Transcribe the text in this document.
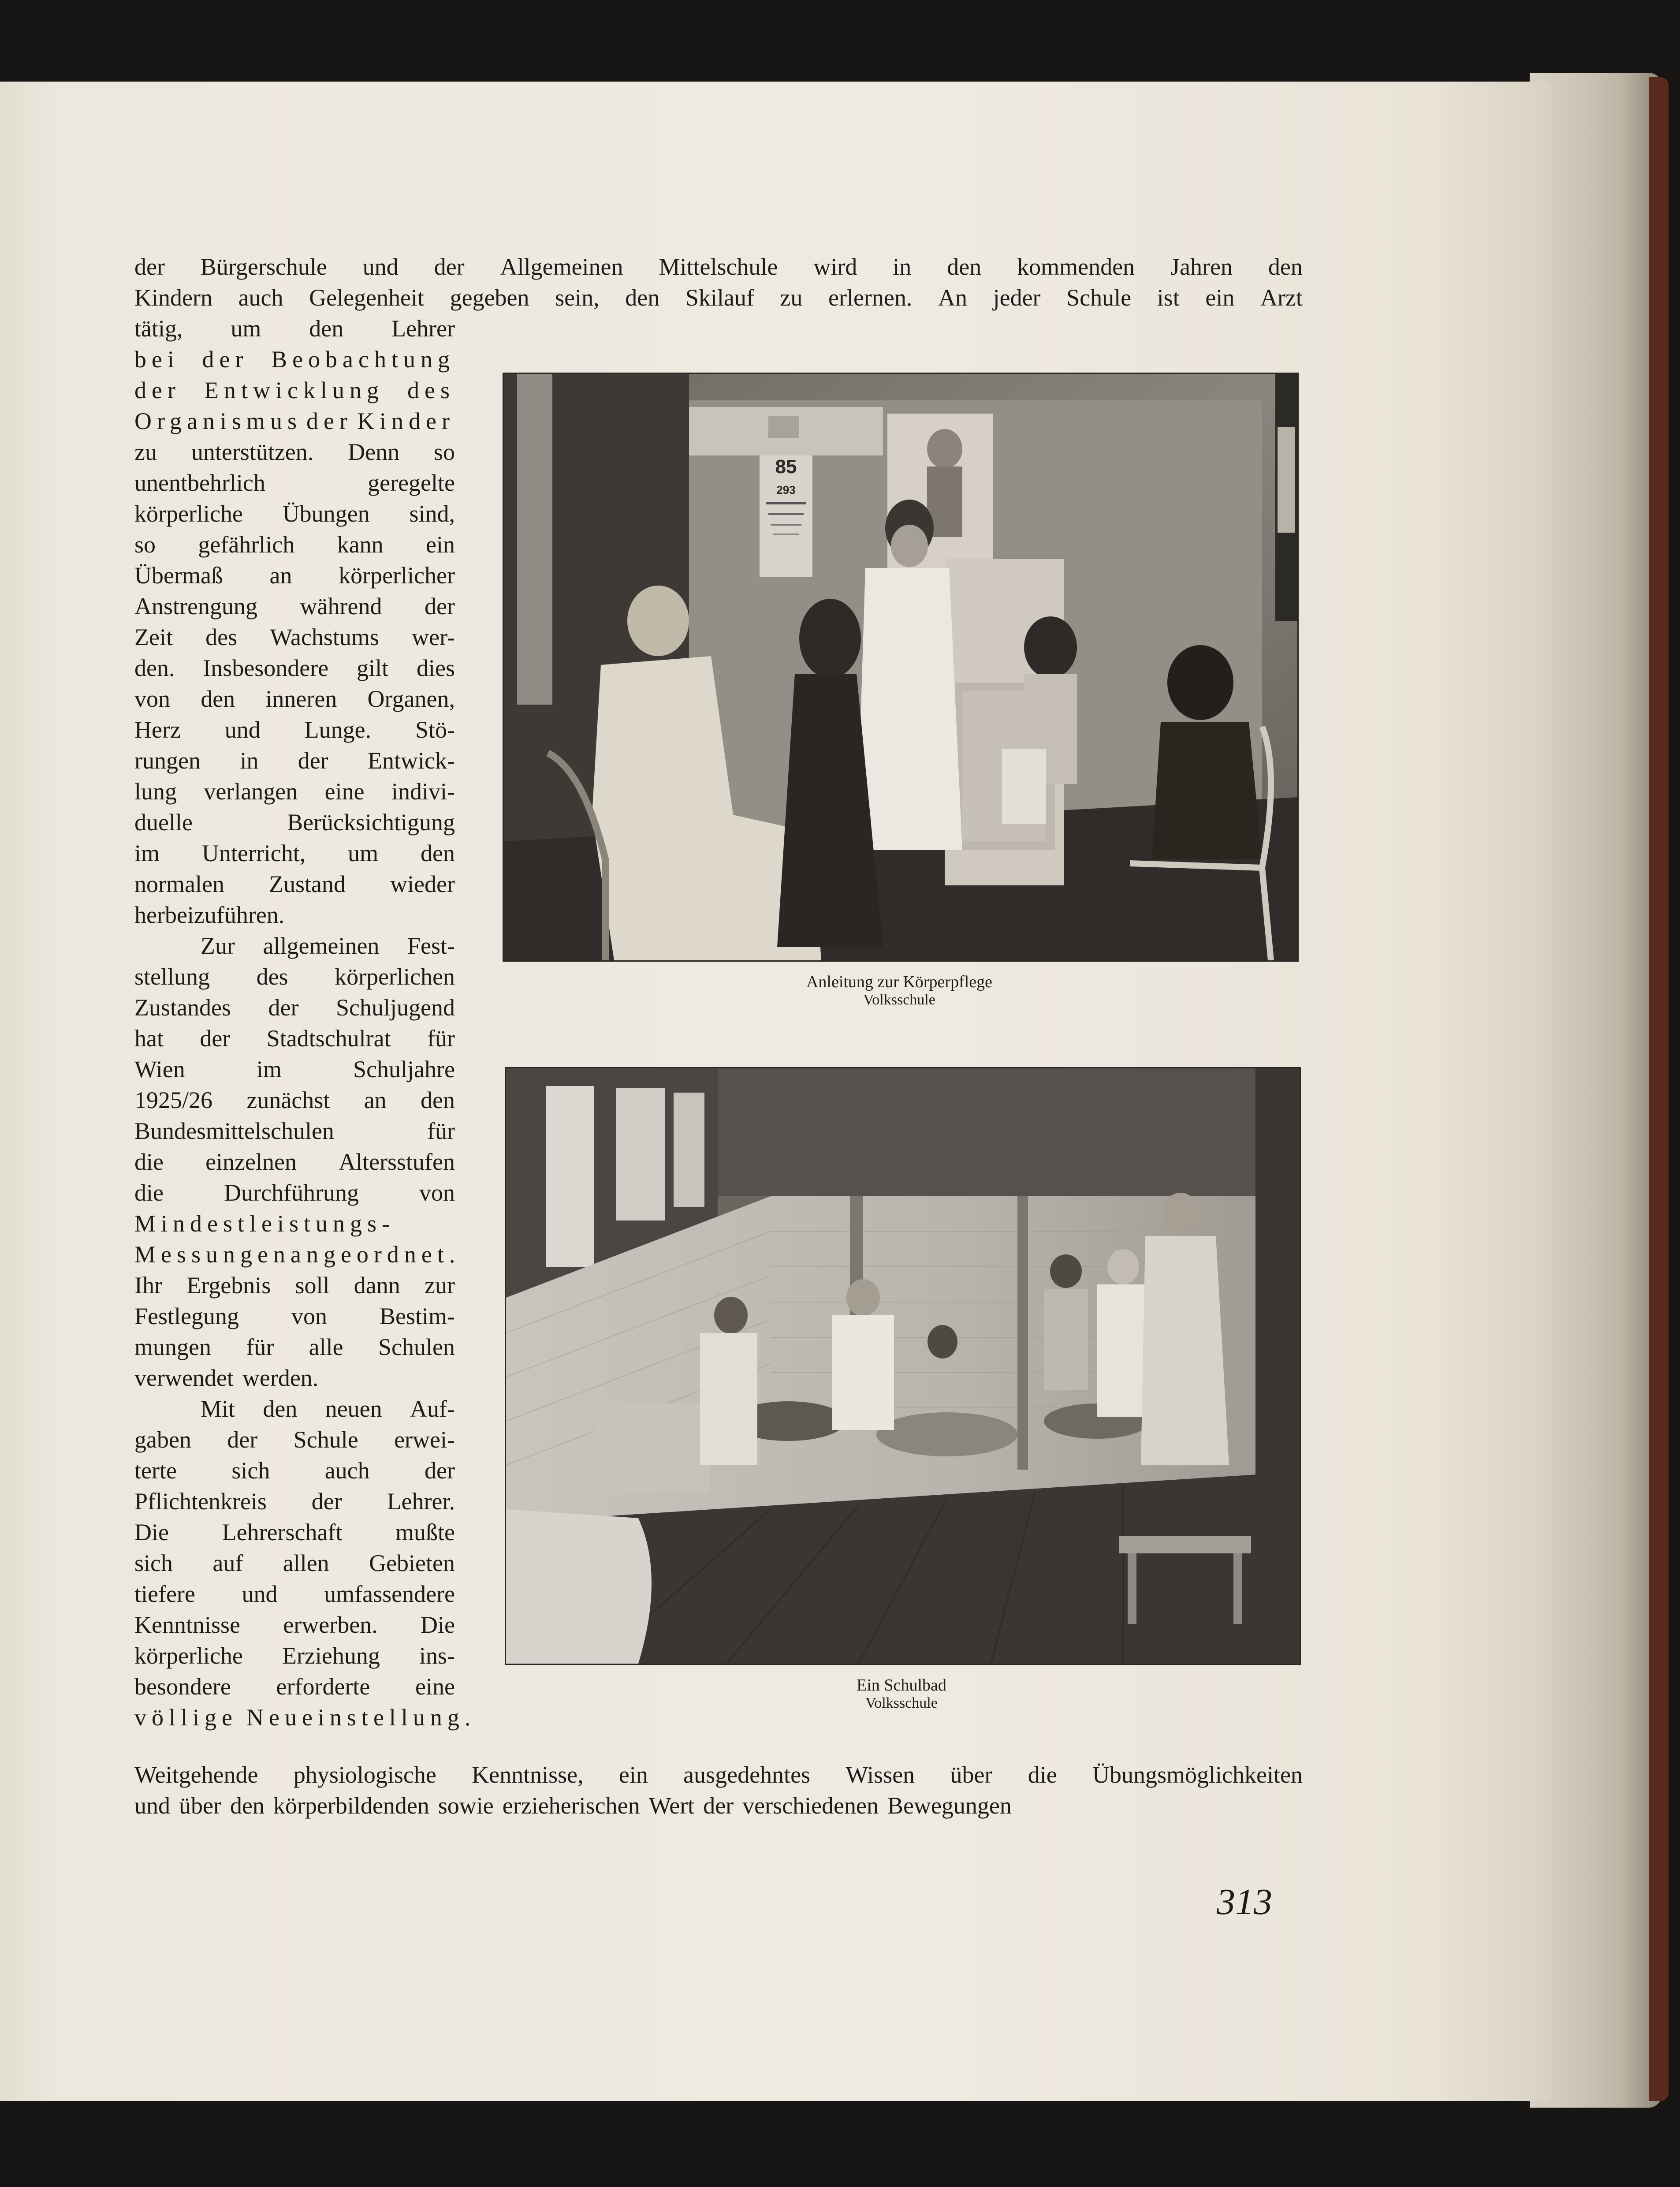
der Bürgerschule und der Allgemeinen Mittelschule wird in den kommenden Jahren den

Kindern auch Gelegenheit gegeben sein, den Skilauf zu erlernen. An jeder Schule ist ein Arzt

tätig, um den Lehrer

bei der Beobachtung

der Entwicklung des

Organismus der Kinder

zu unterstützen. Denn so

unentbehrlich	geregelte

körperliche Übungen sind,

so gefährlich kann ein

Übermaß an körperlicher

Anstrengung während der

Zeit des Wachstums wer-

den. Insbesondere gilt dies

von den inneren Organen,

Herz und Lunge. Stö-

rungen in der Entwick-

lung verlangen eine indivi-

duelle	Berücksichtigung

im Unterricht, um den

normalen Zustand wieder

herbeizuführen.

Zur allgemeinen Fest-

stellung des körperlichen

Zustandes der Schuljugend

hat der Stadtschulrat für

Wien	im	Schuljahre

1925/26 zunächst an den

Bundesmittelschulen	für

die einzelnen Altersstufen

die	Durchführung	von

Mindestleistungs-

Messungen angeordnet.

Ihr Ergebnis soll dann zur

Festlegung von Bestim-

mungen für alle Schulen

verwendet werden.

Mit den neuen Auf-

gaben der Schule erwei-

terte sich auch der

Pflichtenkreis der Lehrer.

Die Lehrerschaft mußte

sich auf allen Gebieten

tiefere und umfassendere

Kenntnisse erwerben. Die

körperliche Erziehung ins-

besondere erforderte eine

völlige Neueinstellung.

Weitgehende physiologische Kenntnisse, ein ausgedehntes Wissen über die Übungsmöglichkeiten

und über den körperbildenden sowie erzieherischen Wert der verschiedenen Bewegungen

85
293
Anleitung zur Körperpflege
Volksschule
Ein Schulbad
Volksschule

313
